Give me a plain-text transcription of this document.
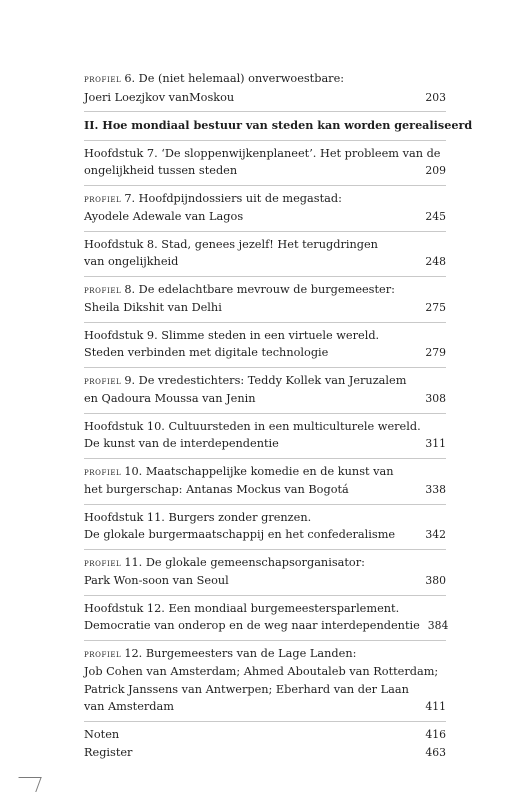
profiel 6. De (niet helemaal) onverwoestbare:
Joeri Loezjkov vanMoskou	203
II. Hoe mondiaal bestuur van steden kan worden gerealiseerd
Hoofdstuk 7. ‘De sloppenwijkenplaneet’. Het probleem van de
ongelijkheid tussen steden	209
profiel 7. Hoofdpijndossiers uit de megastad:
Ayodele Adewale van Lagos	245
Hoofdstuk 8. Stad, genees jezelf! Het terugdringen
van ongelijkheid	248
profiel 8. De edelachtbare mevrouw de burgemeester:
Sheila Dikshit van Delhi	275
Hoofdstuk 9. Slimme steden in een virtuele wereld.
Steden verbinden met digitale technologie	279
profiel 9. De vredestichters: Teddy Kollek van Jeruzalem
en Qadoura Moussa van Jenin	308
Hoofdstuk 10. Cultuursteden in een multiculturele wereld.
De kunst van de interdependentie	311
profiel 10. Maatschappelijke komedie en de kunst van
het burgerschap: Antanas Mockus van Bogotá	338
Hoofdstuk 11. Burgers zonder grenzen.
De glokale burgermaatschappij en het confederalisme	342
profiel 11. De glokale gemeenschapsorganisator:
Park Won-soon van Seoul	380
Hoofdstuk 12. Een mondiaal burgemeestersparlement.
Democratie van onderop en de weg naar interdependentie 384
profiel 12. Burgemeesters van de Lage Landen:
Job Cohen van Amsterdam; Ahmed Aboutaleb van Rotterdam;
Patrick Janssens van Antwerpen; Eberhard van der Laan
van Amsterdam	411
Noten	416
Register	463
